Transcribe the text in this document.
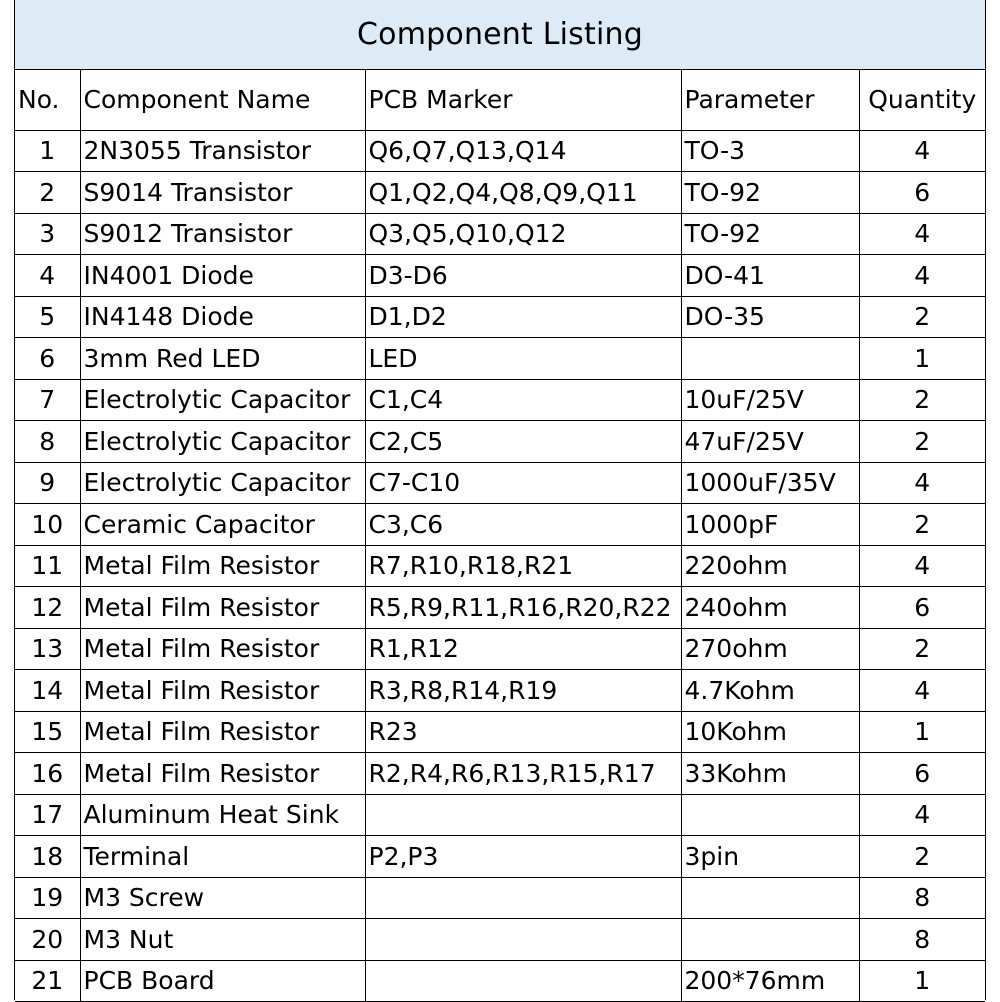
Component Listing
No.	Component Name	PCB Marker	Parameter	Quantity
1	2N3055 Transistor	Q6,Q7,Q13,Q14	TO-3	4
2	S9014 Transistor	Q1,Q2,Q4,Q8,Q9,Q11	TO-92	6
3	S9012 Transistor	Q3,Q5,Q10,Q12	TO-92	4
4	IN4001 Diode	D3-D6	DO-41	4
5	IN4148 Diode	D1,D2	DO-35	2
6	3mm Red LED	LED		1
7	Electrolytic Capacitor	C1,C4	10uF/25V	2
8	Electrolytic Capacitor	C2,C5	47uF/25V	2
9	Electrolytic Capacitor	C7-C10	1000uF/35V	4
10	Ceramic Capacitor	C3,C6	1000pF	2
11	Metal Film Resistor	R7,R10,R18,R21	220ohm	4
12	Metal Film Resistor	R5,R9,R11,R16,R20,R22	240ohm	6
13	Metal Film Resistor	R1,R12	270ohm	2
14	Metal Film Resistor	R3,R8,R14,R19	4.7Kohm	4
15	Metal Film Resistor	R23	10Kohm	1
16	Metal Film Resistor	R2,R4,R6,R13,R15,R17	33Kohm	6
17	Aluminum Heat Sink			4
18	Terminal	P2,P3	3pin	2
19	M3 Screw			8
20	M3 Nut			8
21	PCB Board		200*76mm	1
